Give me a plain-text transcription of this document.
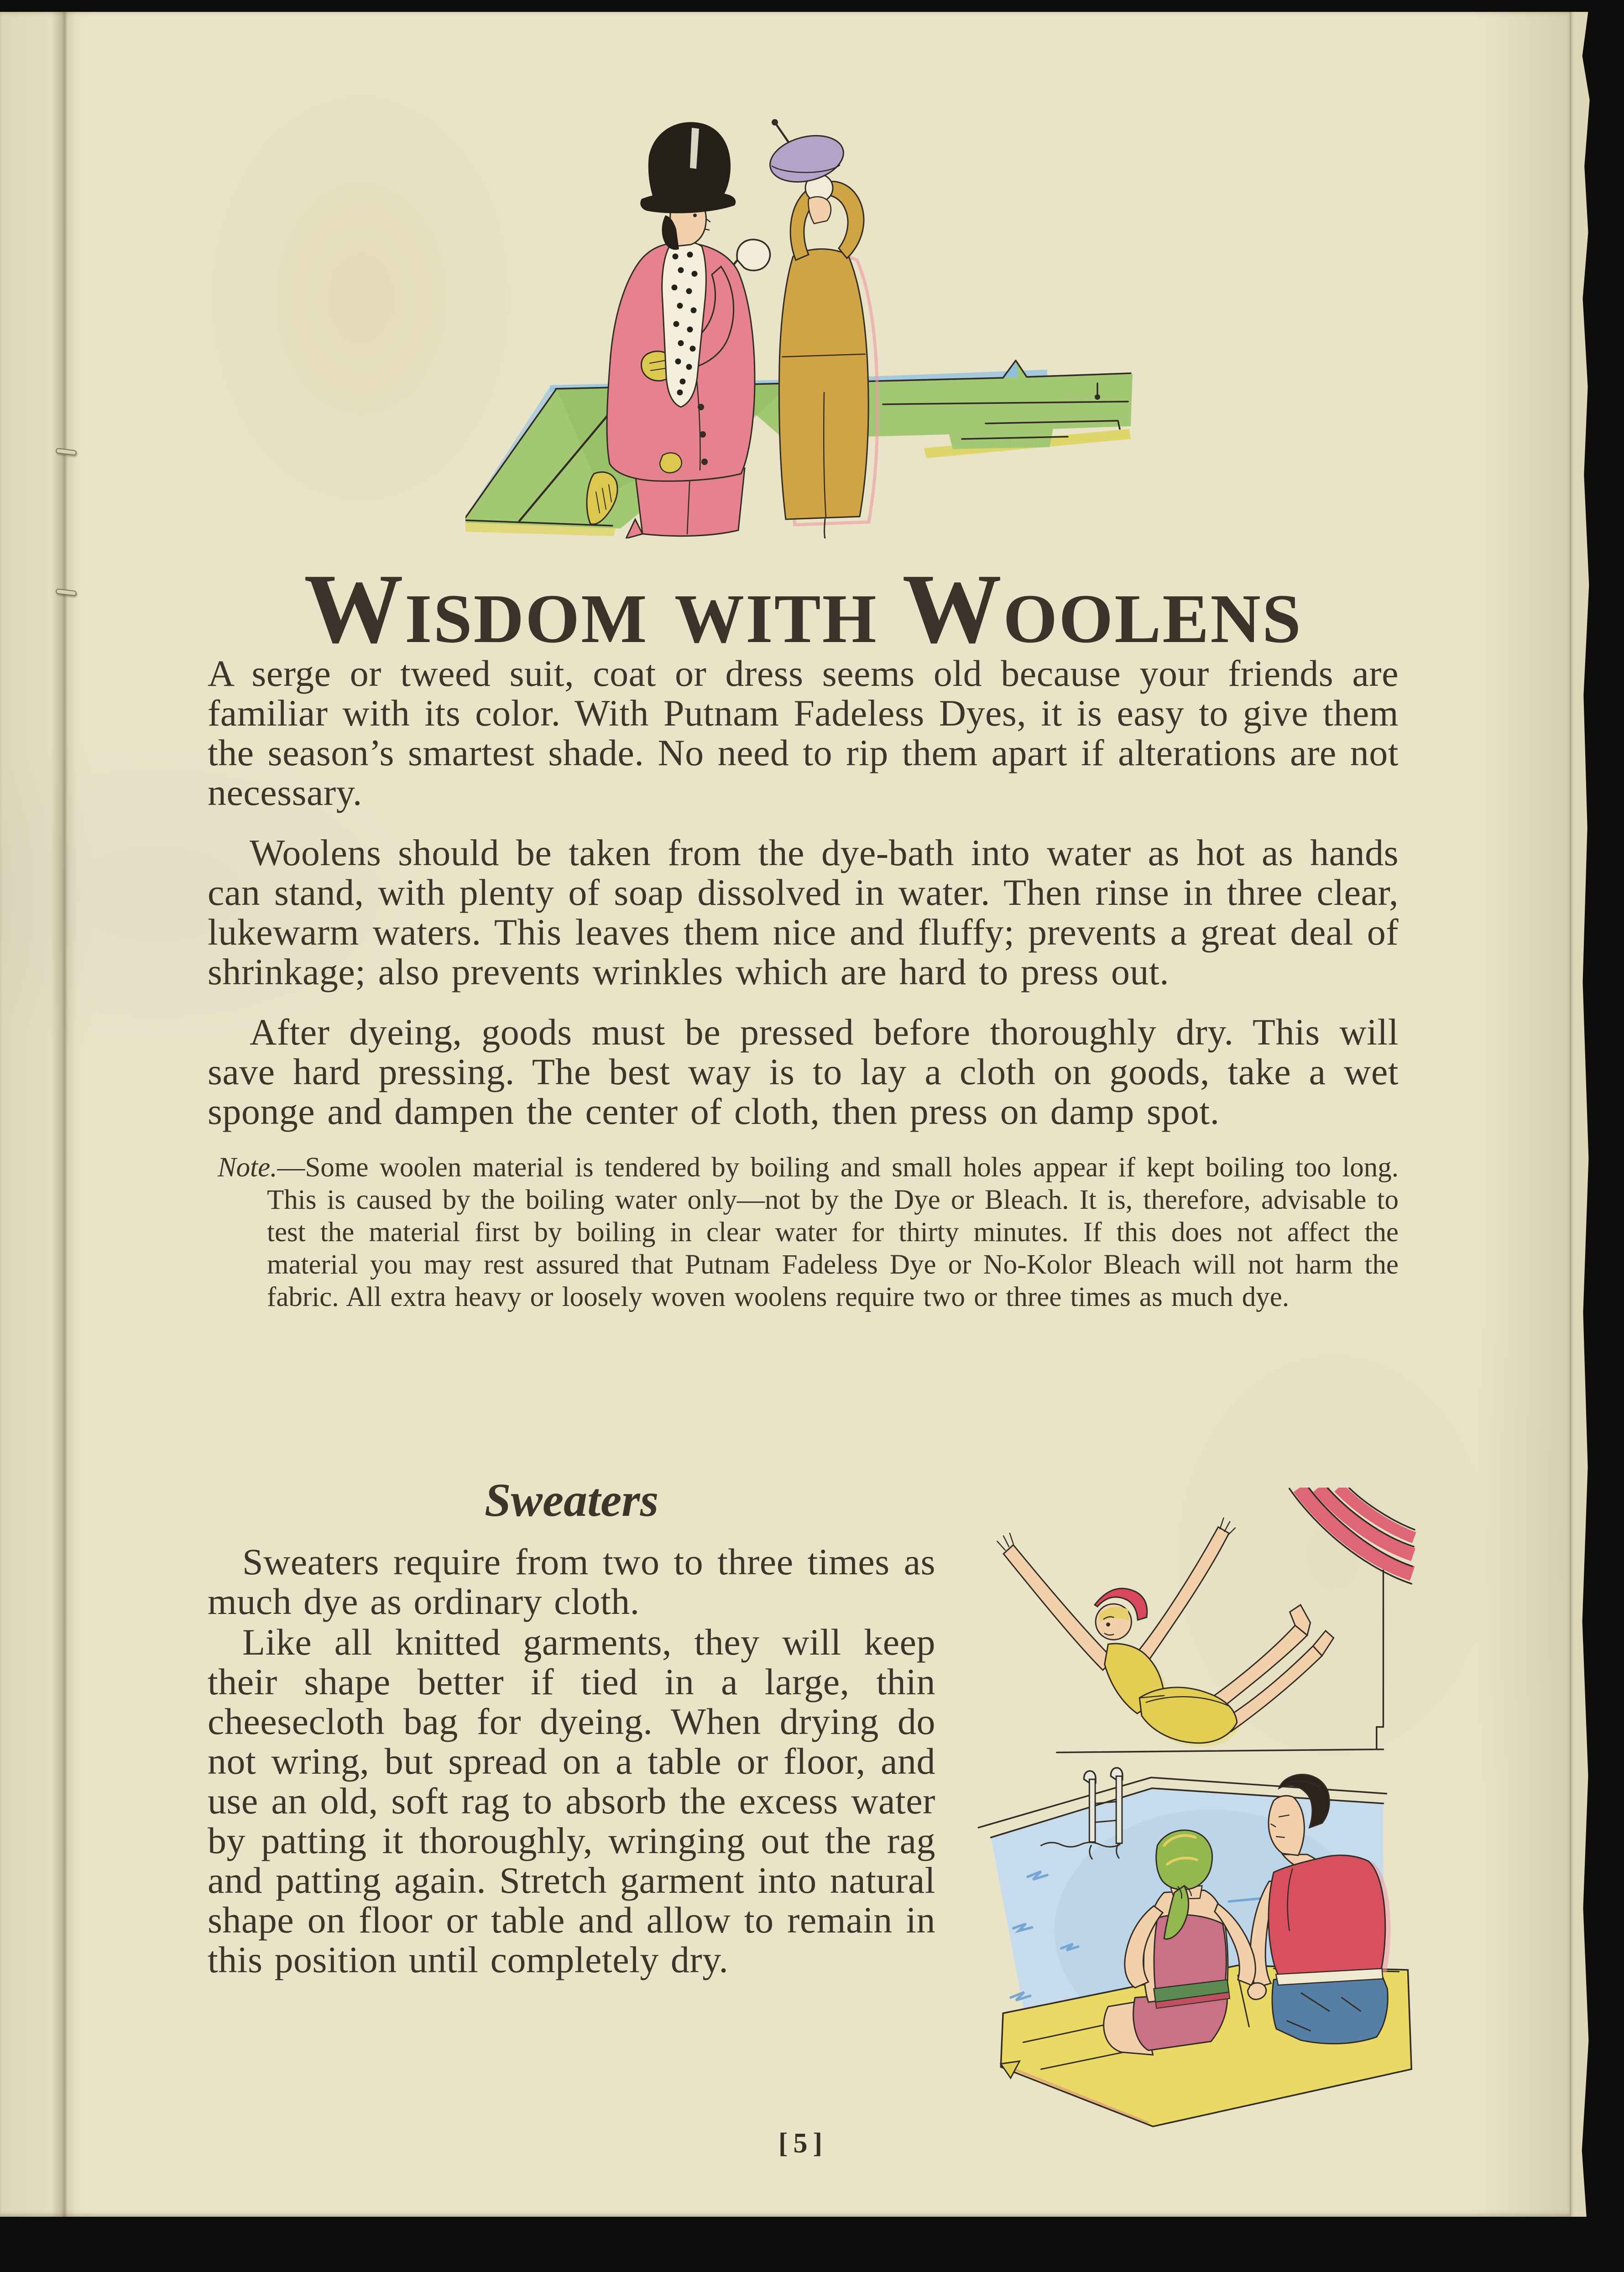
Wisdom with Woolens

A serge or tweed suit, coat or dress seems old because your friends are familiar with its color. With Putnam Fadeless Dyes, it is easy to give them the season’s smartest shade. No need to rip them apart if alterations are not necessary.

Woolens should be taken from the dye-bath into water as hot as hands can stand, with plenty of soap dissolved in water. Then rinse in three clear, lukewarm waters. This leaves them nice and fluffy; prevents a great deal of shrinkage; also prevents wrinkles which are hard to press out.

After dyeing, goods must be pressed before thoroughly dry. This will save hard pressing. The best way is to lay a cloth on goods, take a wet sponge and dampen the center of cloth, then press on damp spot.

Note.—Some woolen material is tendered by boiling and small holes appear if kept boiling too long. This is caused by the boiling water only—not by the Dye or Bleach. It is, therefore, advisable to test the material first by boiling in clear water for thirty minutes. If this does not affect the material you may rest assured that Putnam Fadeless Dye or No-Kolor Bleach will not harm the fabric. All extra heavy or loosely woven woolens require two or three times as much dye.

Sweaters

Sweaters require from two to three times as much dye as ordinary cloth.

Like all knitted garments, they will keep their shape better if tied in a large, thin cheesecloth bag for dyeing. When drying do not wring, but spread on a table or floor, and use an old, soft rag to absorb the excess water by patting it thoroughly, wringing out the rag and patting again. Stretch garment into natural shape on floor or table and allow to remain in this position until completely dry.

[5]
